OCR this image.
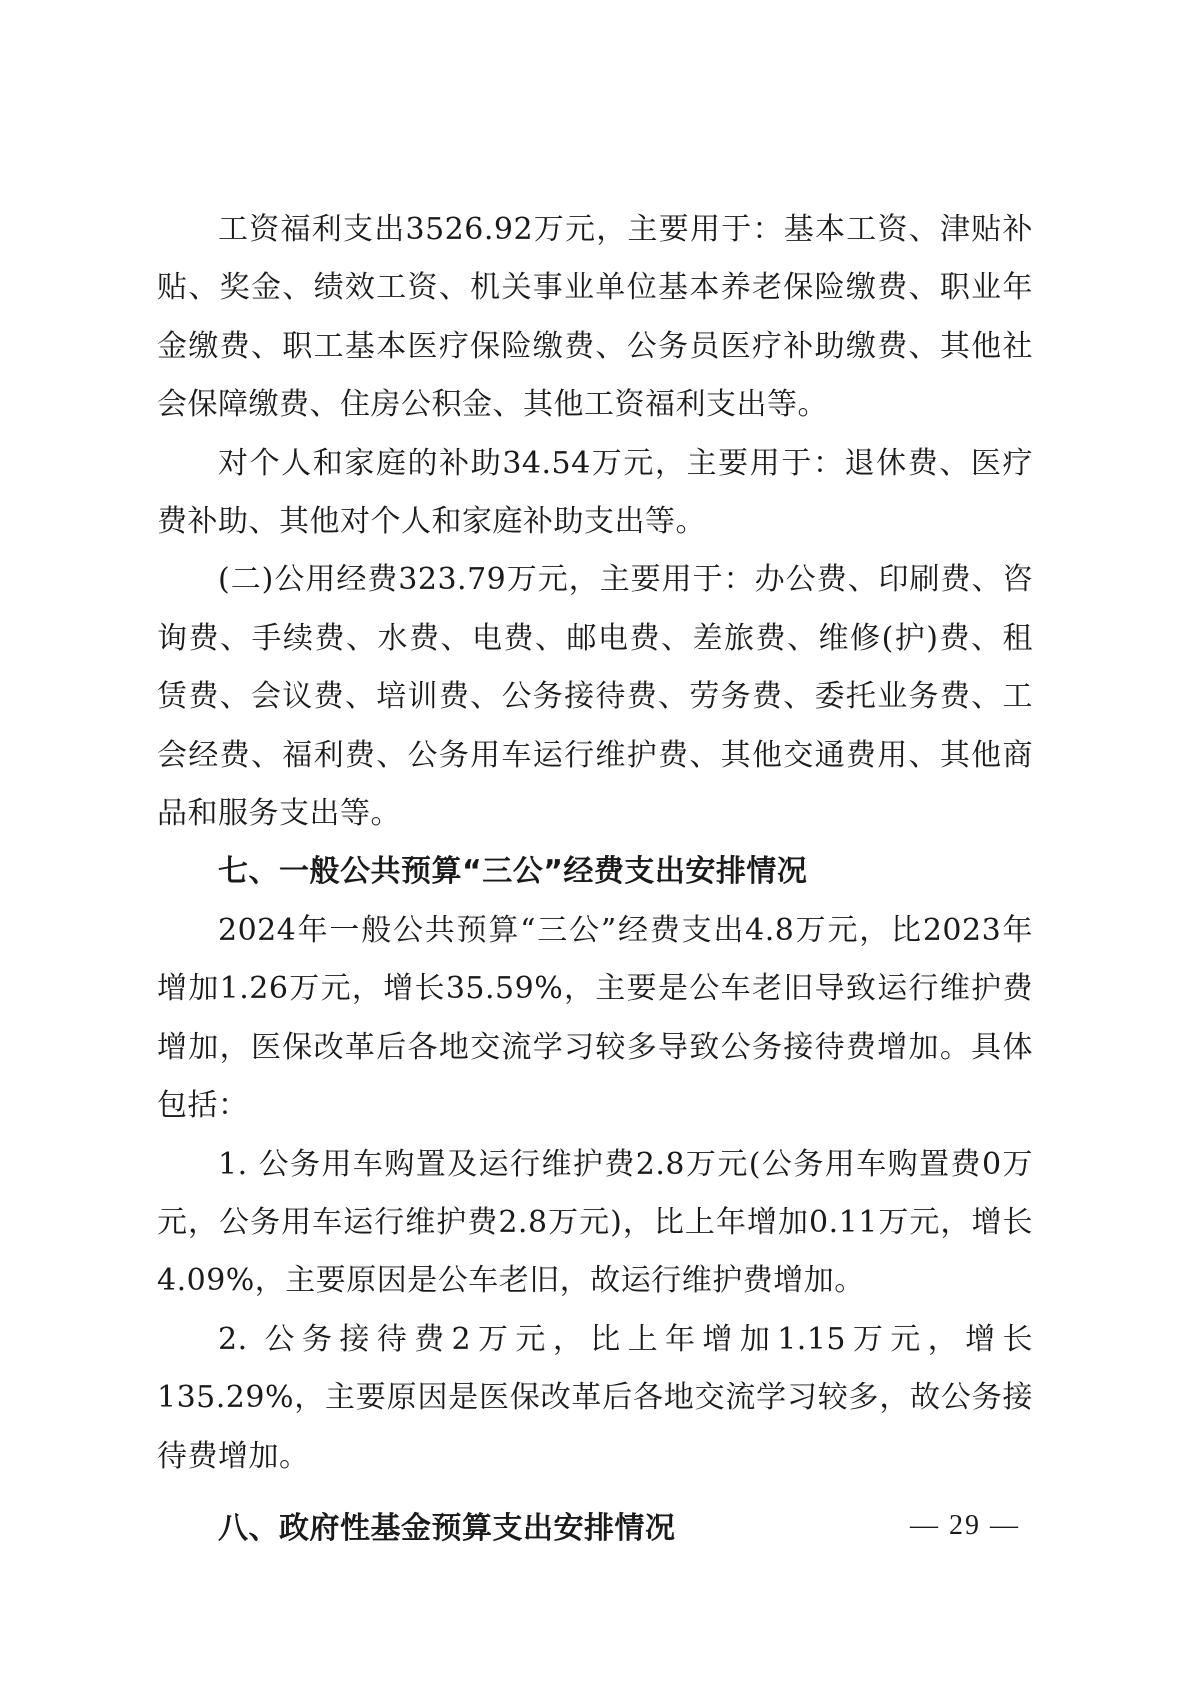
工资福利支出3526.92万元，主要用于：基本工资、津贴补贴、奖金、绩效工资、机关事业单位基本养老保险缴费、职业年金缴费、职工基本医疗保险缴费、公务员医疗补助缴费、其他社会保障缴费、住房公积金、其他工资福利支出等。

对个人和家庭的补助34.54万元，主要用于：退休费、医疗费补助、其他对个人和家庭补助支出等。

(二)公用经费323.79万元，主要用于：办公费、印刷费、咨询费、手续费、水费、电费、邮电费、差旅费、维修(护)费、租赁费、会议费、培训费、公务接待费、劳务费、委托业务费、工会经费、福利费、公务用车运行维护费、其他交通费用、其他商品和服务支出等。

七、一般公共预算“三公”经费支出安排情况

2024年一般公共预算“三公”经费支出4.8万元，比2023年增加1.26万元，增长35.59%，主要是公车老旧导致运行维护费增加，医保改革后各地交流学习较多导致公务接待费增加。具体包括：

1. 公务用车购置及运行维护费2.8万元(公务用车购置费0万元，公务用车运行维护费2.8万元)，比上年增加0.11万元，增长4.09%，主要原因是公车老旧，故运行维护费增加。

2. 公务接待费2万元，比上年增加1.15万元，增长135.29%，主要原因是医保改革后各地交流学习较多，故公务接待费增加。

八、政府性基金预算支出安排情况	— 29 —
